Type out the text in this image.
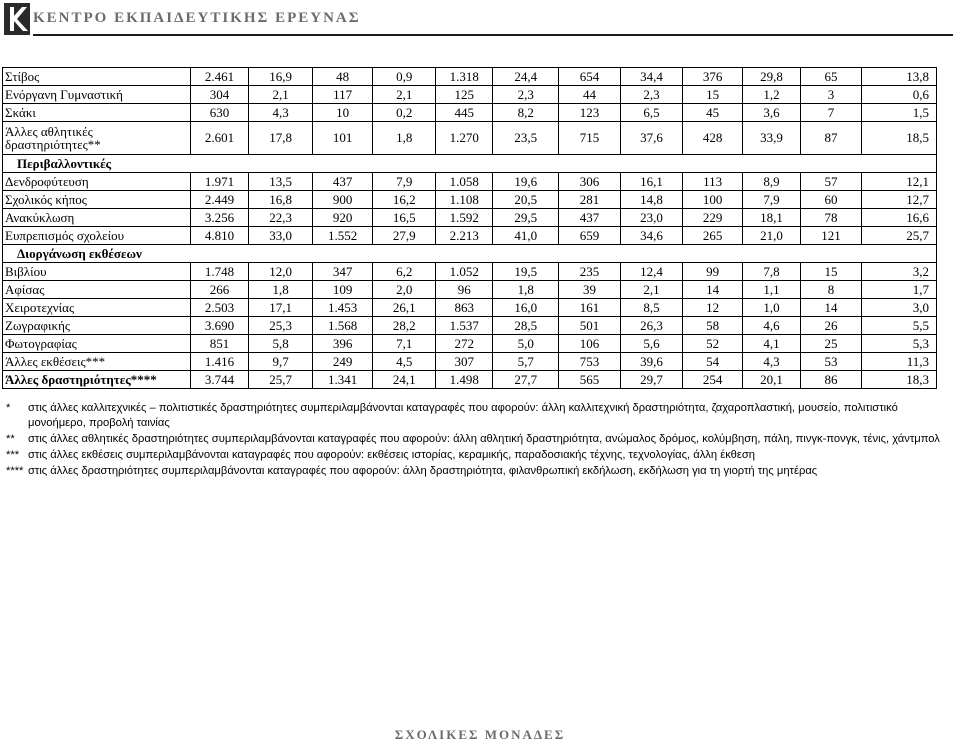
ΚΕΝΤΡΟ ΕΚΠΑΙΔΕΥΤΙΚΗΣ ΕΡΕΥΝΑΣ
Στίβος	2.461	16,9	48	0,9	1.318	24,4	654	34,4	376	29,8	65	13,8
Ενόργανη Γυμναστική	304	2,1	117	2,1	125	2,3	44	2,3	15	1,2	3	0,6
Σκάκι	630	4,3	10	0,2	445	8,2	123	6,5	45	3,6	7	1,5
Άλλες αθλητικές δραστηριότητες**	2.601	17,8	101	1,8	1.270	23,5	715	37,6	428	33,9	87	18,5
Περιβαλλοντικές												
Δενδροφύτευση	1.971	13,5	437	7,9	1.058	19,6	306	16,1	113	8,9	57	12,1
Σχολικός κήπος	2.449	16,8	900	16,2	1.108	20,5	281	14,8	100	7,9	60	12,7
Ανακύκλωση	3.256	22,3	920	16,5	1.592	29,5	437	23,0	229	18,1	78	16,6
Ευπρεπισμός σχολείου	4.810	33,0	1.552	27,9	2.213	41,0	659	34,6	265	21,0	121	25,7
Διοργάνωση εκθέσεων												
Βιβλίου	1.748	12,0	347	6,2	1.052	19,5	235	12,4	99	7,8	15	3,2
Αφίσας	266	1,8	109	2,0	96	1,8	39	2,1	14	1,1	8	1,7
Χειροτεχνίας	2.503	17,1	1.453	26,1	863	16,0	161	8,5	12	1,0	14	3,0
Ζωγραφικής	3.690	25,3	1.568	28,2	1.537	28,5	501	26,3	58	4,6	26	5,5
Φωτογραφίας	851	5,8	396	7,1	272	5,0	106	5,6	52	4,1	25	5,3
Άλλες εκθέσεις***	1.416	9,7	249	4,5	307	5,7	753	39,6	54	4,3	53	11,3
Άλλες δραστηριότητες****	3.744	25,7	1.341	24,1	1.498	27,7	565	29,7	254	20,1	86	18,3
*	στις άλλες καλλιτεχνικές – πολιτιστικές δραστηριότητες συμπεριλαμβάνονται καταγραφές που αφορούν: άλλη καλλιτεχνική δραστηριότητα, ζαχαροπλαστική, μουσείο, πολιτιστικό μονοήμερο, προβολή ταινίας
**	στις άλλες αθλητικές δραστηριότητες συμπεριλαμβάνονται καταγραφές που αφορούν: άλλη αθλητική δραστηριότητα, ανώμαλος δρόμος, κολύμβηση, πάλη, πινγκ-πονγκ, τένις, χάντμπολ
*** στις άλλες εκθέσεις συμπεριλαμβάνονται καταγραφές που αφορούν: εκθέσεις ιστορίας, κεραμικής, παραδοσιακής τέχνης, τεχνολογίας, άλλη έκθεση
**** στις άλλες δραστηριότητες συμπεριλαμβάνονται καταγραφές που αφορούν: άλλη δραστηριότητα, φιλανθρωπική εκδήλωση, εκδήλωση για τη γιορτή της μητέρας
ΣΧΟΛΙΚΕΣ ΜΟΝΑΔΕΣ
